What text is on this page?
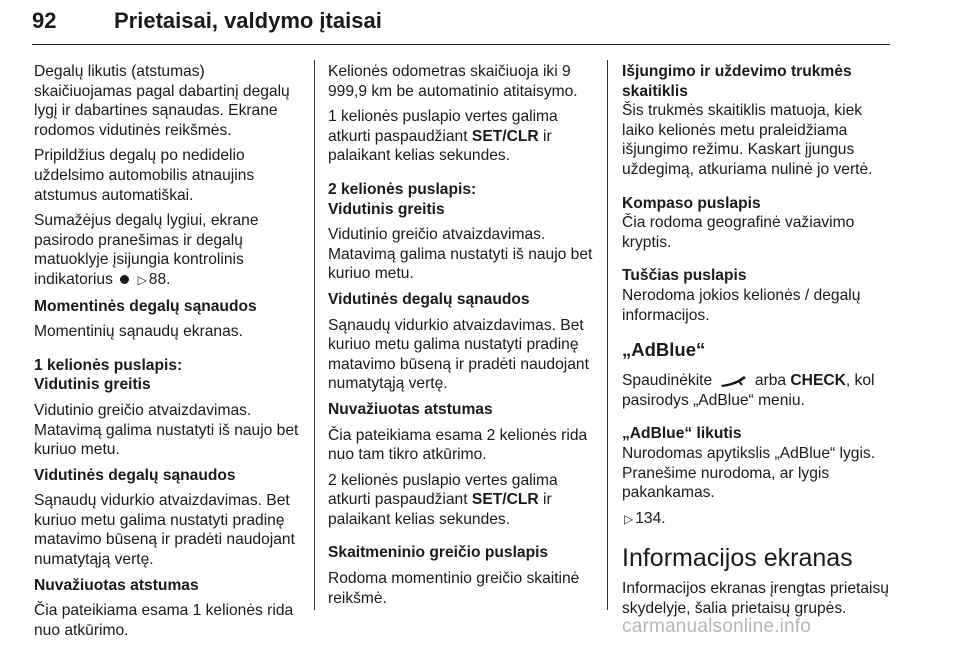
92	Prietaisai, valdymo įtaisai

Degalų likutis (atstumas) skaičiuojamas pagal dabartinį degalų lygį ir dabartines sąnaudas. Ekrane rodomos vidutinės reikšmės.

Pripildžius degalų po nedidelio uždelsimo automobilis atnaujins atstumus automatiškai.

Sumažėjus degalų lygiui, ekrane pasirodo pranešimas ir degalų matuoklyje įsijungia kontrolinis indikatorius ▷ 88.

Momentinės degalų sąnaudos

Momentinių sąnaudų ekranas.

1 kelionės puslapis:

Vidutinis greitis

Vidutinio greičio atvaizdavimas. Matavimą galima nustatyti iš naujo bet kuriuo metu.

Vidutinės degalų sąnaudos

Sąnaudų vidurkio atvaizdavimas. Bet kuriuo metu galima nustatyti pradinę matavimo būseną ir pradėti naudojant numatytąją vertę.

Nuvažiuotas atstumas

Čia pateikiama esama 1 kelionės rida nuo atkūrimo.

Kelionės odometras skaičiuoja iki 9 999,9 km be automatinio atitaisymo.

1 kelionės puslapio vertes galima atkurti paspaudžiant SET/CLR ir palaikant kelias sekundes.

2 kelionės puslapis:

Vidutinis greitis

Vidutinio greičio atvaizdavimas. Matavimą galima nustatyti iš naujo bet kuriuo metu.

Vidutinės degalų sąnaudos

Sąnaudų vidurkio atvaizdavimas. Bet kuriuo metu galima nustatyti pradinę matavimo būseną ir pradėti naudojant numatytąją vertę.

Nuvažiuotas atstumas

Čia pateikiama esama 2 kelionės rida nuo tam tikro atkūrimo.

2 kelionės puslapio vertes galima atkurti paspaudžiant SET/CLR ir palaikant kelias sekundes.

Skaitmeninio greičio puslapis

Rodoma momentinio greičio skaitinė reikšmė.

Išjungimo ir uždevimo trukmės skaitiklis

Šis trukmės skaitiklis matuoja, kiek laiko kelionės metu praleidžiama išjungimo režimu. Kaskart įjungus uždegimą, atkuriama nulinė jo vertė.

Kompaso puslapis

Čia rodoma geografinė važiavimo kryptis.

Tuščias puslapis

Nerodoma jokios kelionės / degalų informacijos.

„AdBlue“

Spaudinėkite	arba CHECK, kol pasirodys „AdBlue“ meniu.

„AdBlue“ likutis

Nurodomas apytikslis „AdBlue“ lygis. Pranešime nurodoma, ar lygis pakankamas.

▷ 134.

Informacijos ekranas

Informacijos ekranas įrengtas prietaisų skydelyje, šalia prietaisų grupės.

carmanualsonline.info
